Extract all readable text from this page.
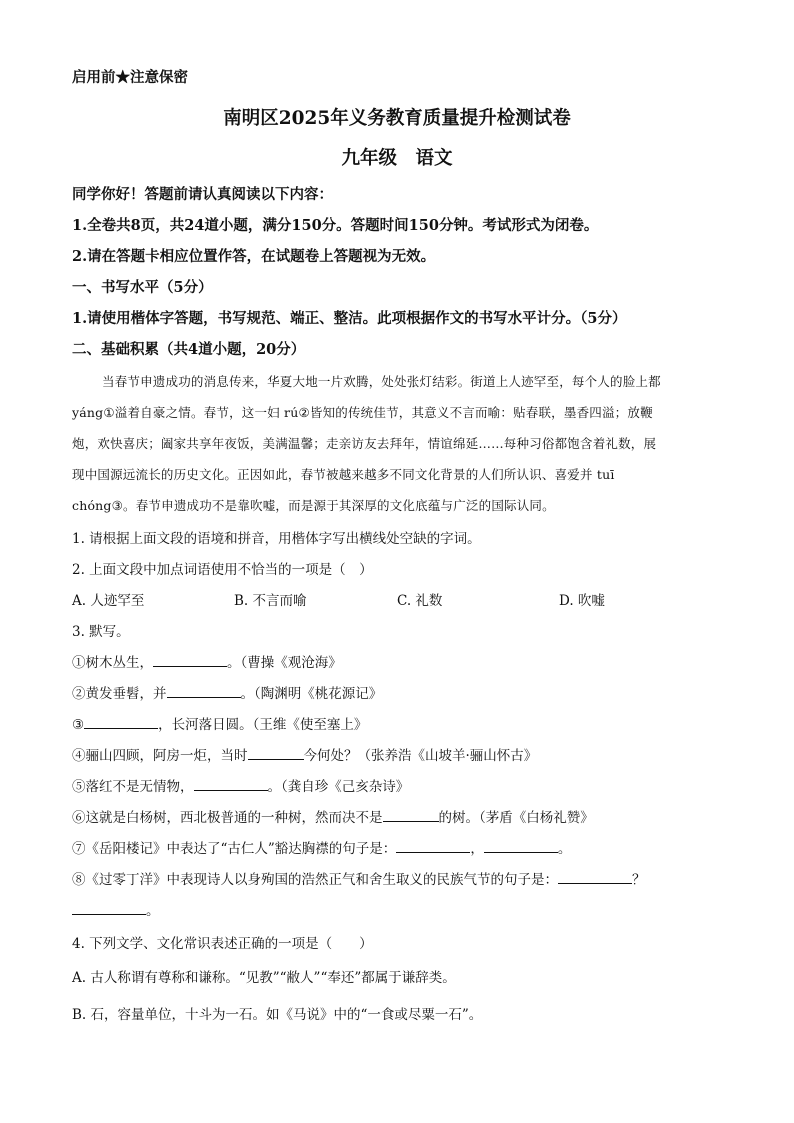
启用前★注意保密
南明区2025年义务教育质量提升检测试卷
九年级　语文
同学你好！答题前请认真阅读以下内容：
1.全卷共8页，共24道小题，满分150分。答题时间150分钟。考试形式为闭卷。
2.请在答题卡相应位置作答，在试题卷上答题视为无效。
一、书写水平（5分）
1.请使用楷体字答题，书写规范、端正、整洁。此项根据作文的书写水平计分。（5分）
二、基础积累（共4道小题，20分）
当春节申遗成功的消息传来，华夏大地一片欢腾，处处张灯结彩。街道上人迹罕至，每个人的脸上都
yáng①溢着自豪之情。春节，这一妇 rú②皆知的传统佳节，其意义不言而喻：贴春联，墨香四溢；放鞭
炮，欢快喜庆；阖家共享年夜饭，美满温馨；走亲访友去拜年，情谊绵延……每种习俗都饱含着礼数，展
现中国源远流长的历史文化。正因如此，春节被越来越多不同文化背景的人们所认识、喜爱并 tuī
chóng③。春节申遗成功不是靠吹嘘，而是源于其深厚的文化底蕴与广泛的国际认同。
1. 请根据上面文段的语境和拼音，用楷体字写出横线处空缺的字词。
2. 上面文段中加点词语使用不恰当的一项是（　）
A. 人迹罕至	B. 不言而喻	C. 礼数	D. 吹嘘
3. 默写。
①树木丛生，	。（曹操《观沧海》
②黄发垂髫，并	。（陶渊明《桃花源记》
③	，长河落日圆。（王维《使至塞上》
④骊山四顾，阿房一炬，当时	今何处？（张养浩《山坡羊·骊山怀古》
⑤落红不是无情物，	。（龚自珍《己亥杂诗》
⑥这就是白杨树，西北极普通的一种树，然而决不是	的树。（茅盾《白杨礼赞》
⑦《岳阳楼记》中表达了“古仁人”豁达胸襟的句子是：	，	。
⑧《过零丁洋》中表现诗人以身殉国的浩然正气和舍生取义的民族气节的句子是：	？
。
4. 下列文学、文化常识表述正确的一项是（　　）
A. 古人称谓有尊称和谦称。“见教”“敝人”“奉还”都属于谦辞类。
B. 石，容量单位，十斗为一石。如《马说》中的“一食或尽粟一石”。
